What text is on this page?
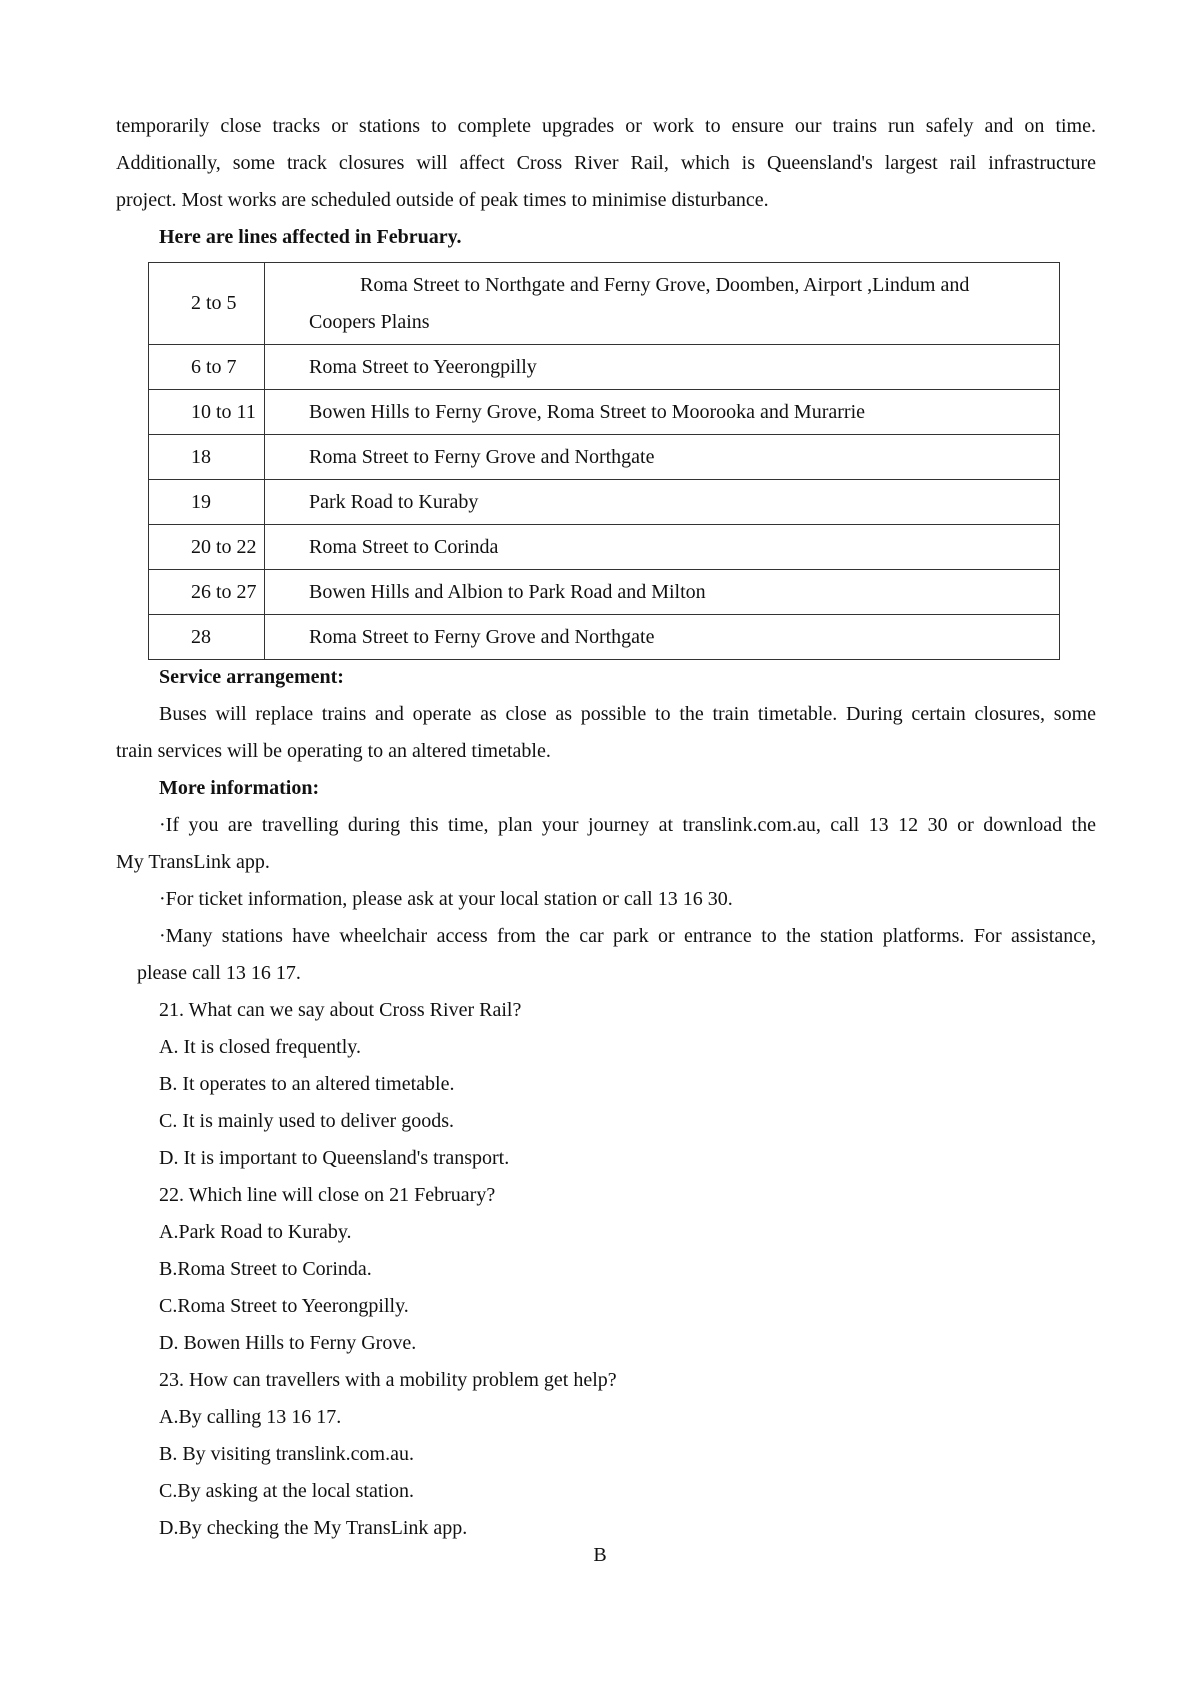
temporarily close tracks or stations to complete upgrades or work to ensure our trains run safely and on time.

Additionally, some track closures will affect Cross River Rail, which is Queensland's largest rail infrastructure

project. Most works are scheduled outside of peak times to minimise disturbance.

Here are lines affected in February.

2 to 5	Roma Street to Northgate and Ferny Grove, Doomben, Airport ,Lindum and
Coopers Plains
6 to 7	Roma Street to Yeerongpilly
10 to 11	Bowen Hills to Ferny Grove, Roma Street to Moorooka and Murarrie
18	Roma Street to Ferny Grove and Northgate
19	Park Road to Kuraby
20 to 22	Roma Street to Corinda
26 to 27	Bowen Hills and Albion to Park Road and Milton
28	Roma Street to Ferny Grove and Northgate

Service arrangement:

Buses will replace trains and operate as close as possible to the train timetable. During certain closures, some

train services will be operating to an altered timetable.

More information:

·If you are travelling during this time, plan your journey at translink.com.au, call 13 12 30 or download the

My TransLink app.

·For ticket information, please ask at your local station or call 13 16 30.

·Many stations have wheelchair access from the car park or entrance to the station platforms. For assistance,

please call 13 16 17.

21. What can we say about Cross River Rail?

A. It is closed frequently.

B. It operates to an altered timetable.

C. It is mainly used to deliver goods.

D. It is important to Queensland's transport.

22. Which line will close on 21 February?

A.Park Road to Kuraby.

B.Roma Street to Corinda.

C.Roma Street to Yeerongpilly.

D. Bowen Hills to Ferny Grove.

23. How can travellers with a mobility problem get help?

A.By calling 13 16 17.

B. By visiting translink.com.au.

C.By asking at the local station.

D.By checking the My TransLink app.

B
